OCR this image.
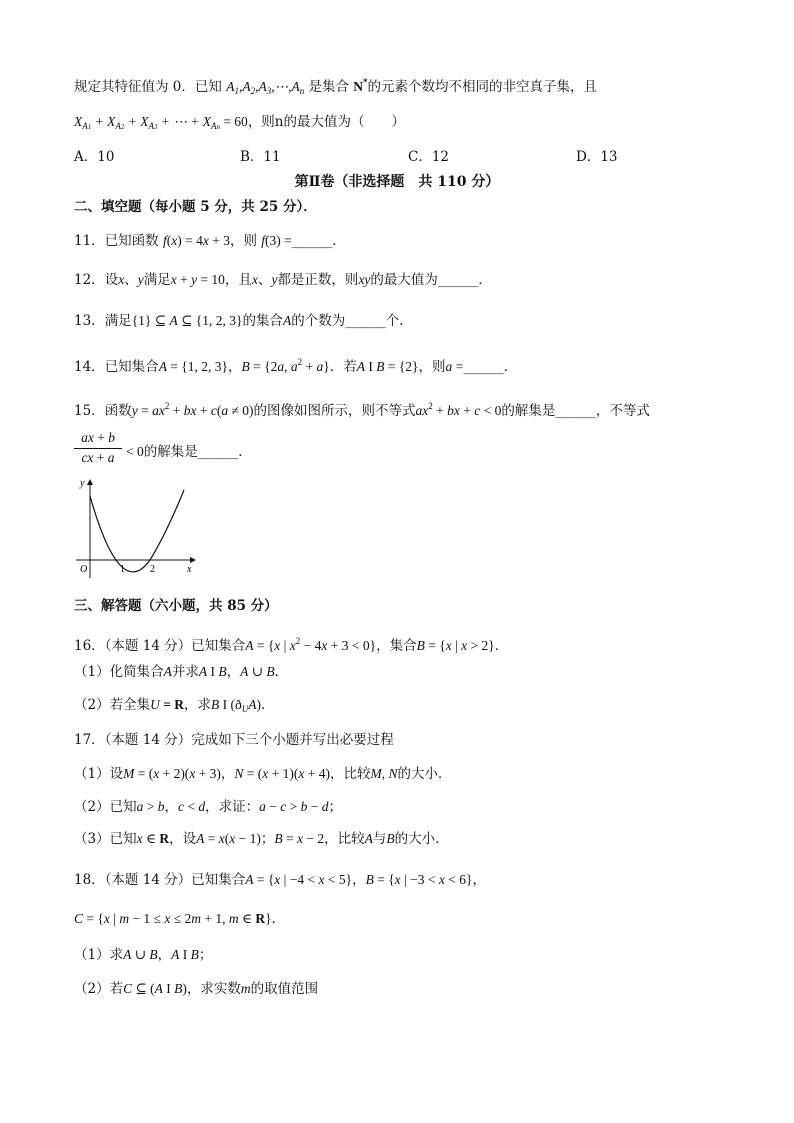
规定其特征值为 0．已知 $A_1,A_2,A_3,\cdots,A_n$ 是集合 N*的元素个数均不相同的非空真子集，且
$X_{A1} + X_{A2} + X_{A3}$ + ⋯ + $X_{An} = 60$，则n的最大值为（　　）
A．10	B．11	C．12	D．13
第Ⅱ卷（非选择题　共 110 分）
二、填空题（每小题 5 分，共 25 分）．
11．已知函数 f(x) = 4x + 3，则 f(3) =______．
12．设x、y满足x + y = 10，且x、y都是正数，则xy的最大值为______．
13．满足{1} ⊆ A ⊆ {1, 2, 3}的集合A的个数为______个．
14．已知集合A = {1, 2, 3}，B = {2a, $a^2 + a$}．若A I B = {2}，则a =______．
15．函数$y = ax^2$ + bx + c(a ≠ 0)的图像如图所示，则不等式$ax^2$ + bx + c < 0的解集是______，不等式
ax + b
cx + a < 0的解集是______．
y
x
O	1	2
三、解答题（六小题，共 85 分）
16．（本题 14 分）已知集合A = {x | $x^2 - 4x + 3 < 0$}，集合B = {x | x > 2}．
（1）化简集合A并求A I B，A ∪ B．
（2）若全集U = R，求B I $(ð_UA)$．
17．（本题 14 分）完成如下三个小题并写出必要过程
（1）设M = (x + 2)(x + 3)，N = (x + 1)(x + 4)，比较M, N的大小．
（2）已知a > b，c < d，求证：a − c > b − d；
（3）已知x ∈ R，设A = x(x − 1)；B = x − 2，比较A与B的大小．
18．（本题 14 分）已知集合A = {x | −4 < x < 5}，B = {x | −3 < x < 6}，
C = {x | m − 1 ≤ x ≤ 2m + 1, m ∈ R}．
（1）求A ∪ B，A I B；
（2）若C ⊆ (A I B)，求实数m的取值范围
